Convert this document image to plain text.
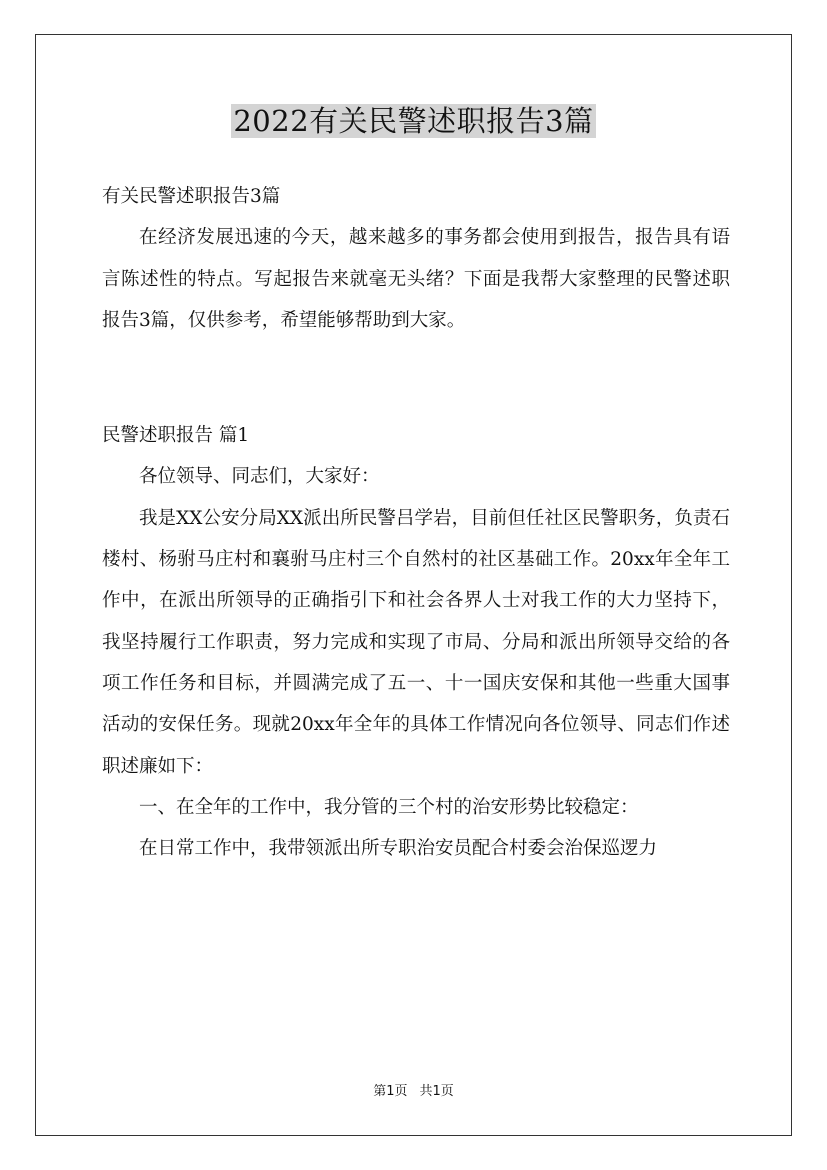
2022有关民警述职报告3篇

有关民警述职报告3篇

在经济发展迅速的今天，越来越多的事务都会使用到报告，报告具有语言陈述性的特点。写起报告来就毫无头绪？下面是我帮大家整理的民警述职报告3篇，仅供参考，希望能够帮助到大家。

民警述职报告 篇1

各位领导、同志们，大家好：

我是XX公安分局XX派出所民警吕学岩，目前但任社区民警职务，负责石楼村、杨驸马庄村和襄驸马庄村三个自然村的社区基础工作。20xx年全年工作中，在派出所领导的正确指引下和社会各界人士对我工作的大力坚持下，我坚持履行工作职责，努力完成和实现了市局、分局和派出所领导交给的各项工作任务和目标，并圆满完成了五一、十一国庆安保和其他一些重大国事活动的安保任务。现就20xx年全年的具体工作情况向各位领导、同志们作述职述廉如下：

一、在全年的工作中，我分管的三个村的治安形势比较稳定：

在日常工作中，我带领派出所专职治安员配合村委会治保巡逻力

第1页 共1页
